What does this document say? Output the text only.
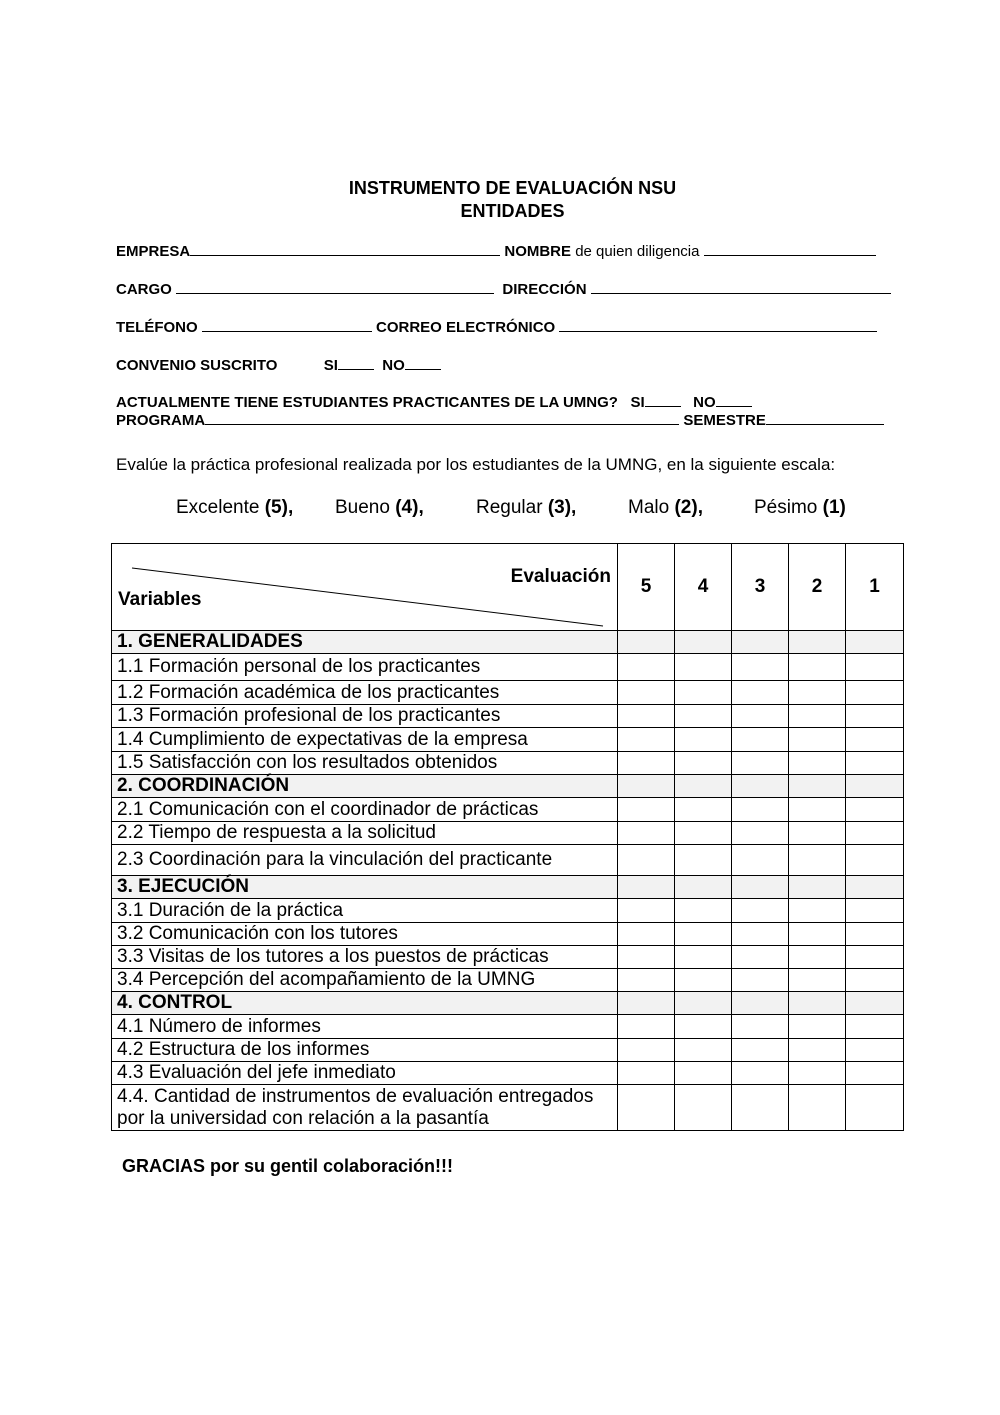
INSTRUMENTO DE EVALUACIÓN NSU
ENTIDADES
EMPRESA	NOMBRE de quien diligencia
CARGO	DIRECCIÓN
TELÉFONO	CORREO ELECTRÓNICO
CONVENIO SUSCRITO	SI	NO
ACTUALMENTE TIENE ESTUDIANTES PRACTICANTES DE LA UMNG? SI	NO
PROGRAMA	SEMESTRE
Evalúe la práctica profesional realizada por los estudiantes de la UMNG, en la siguiente escala:
Excelente (5), Bueno (4),	Regular (3),	Malo (2),	Pésimo (1)
Evaluación
Variables	5	4	3	2	1
1. GENERALIDADES					
1.1 Formación personal de los practicantes					
1.2 Formación académica de los practicantes					
1.3 Formación profesional de los practicantes					
1.4 Cumplimiento de expectativas de la empresa					
1.5 Satisfacción con los resultados obtenidos					
2. COORDINACIÓN					
2.1 Comunicación con el coordinador de prácticas					
2.2 Tiempo de respuesta a la solicitud					
2.3 Coordinación para la vinculación del practicante					
3. EJECUCIÓN					
3.1 Duración de la práctica					
3.2 Comunicación con los tutores					
3.3 Visitas de los tutores a los puestos de prácticas					
3.4 Percepción del acompañamiento de la UMNG					
4. CONTROL					
4.1 Número de informes					
4.2 Estructura de los informes					
4.3 Evaluación del jefe inmediato					
4.4. Cantidad de instrumentos de evaluación entregados por la universidad con relación a la pasantía					
GRACIAS por su gentil colaboración!!!
